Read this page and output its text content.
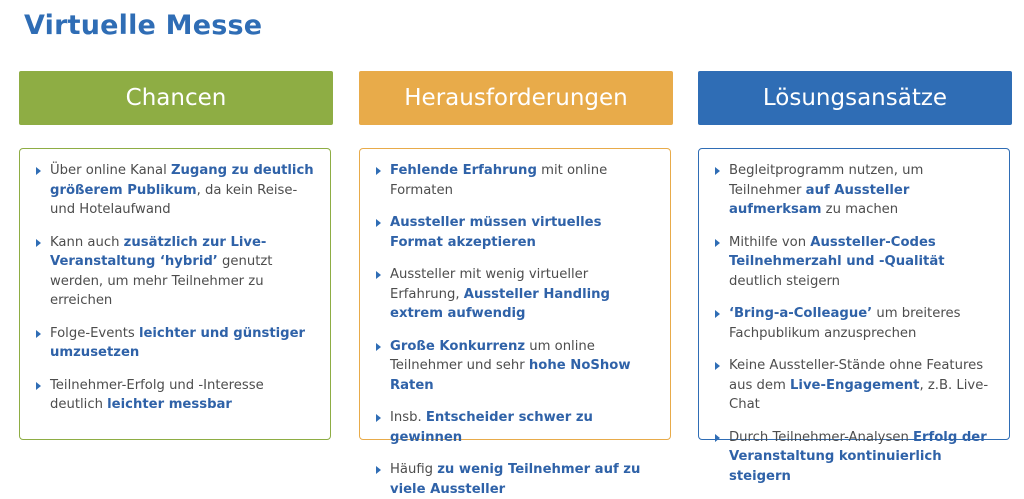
Virtuelle Messe
Chancen
Über online Kanal Zugang zu deutlich größerem Publikum, da kein Reise- und Hotelaufwand
Kann auch zusätzlich zur Live-Veranstaltung ‘hybrid’ genutzt werden, um mehr Teilnehmer zu erreichen
Folge-Events leichter und günstiger umzusetzen
Teilnehmer-Erfolg und -Interesse deutlich leichter messbar
Herausforderungen
Fehlende Erfahrung mit online Formaten
Aussteller müssen virtuelles Format akzeptieren
Aussteller mit wenig virtueller Erfahrung, Aussteller Handling extrem aufwendig
Große Konkurrenz um online Teilnehmer und sehr hohe NoShow Raten
Insb. Entscheider schwer zu gewinnen
Häufig zu wenig Teilnehmer auf zu viele Aussteller
Lösungsansätze
Begleitprogramm nutzen, um Teilnehmer auf Aussteller aufmerksam zu machen
Mithilfe von Aussteller-Codes Teilnehmerzahl und -Qualität deutlich steigern
‘Bring-a-Colleague’ um breiteres Fachpublikum anzusprechen
Keine Aussteller-Stände ohne Features aus dem Live-Engagement, z.B. Live-Chat
Durch Teilnehmer-Analysen Erfolg der Veranstaltung kontinuierlich steigern
